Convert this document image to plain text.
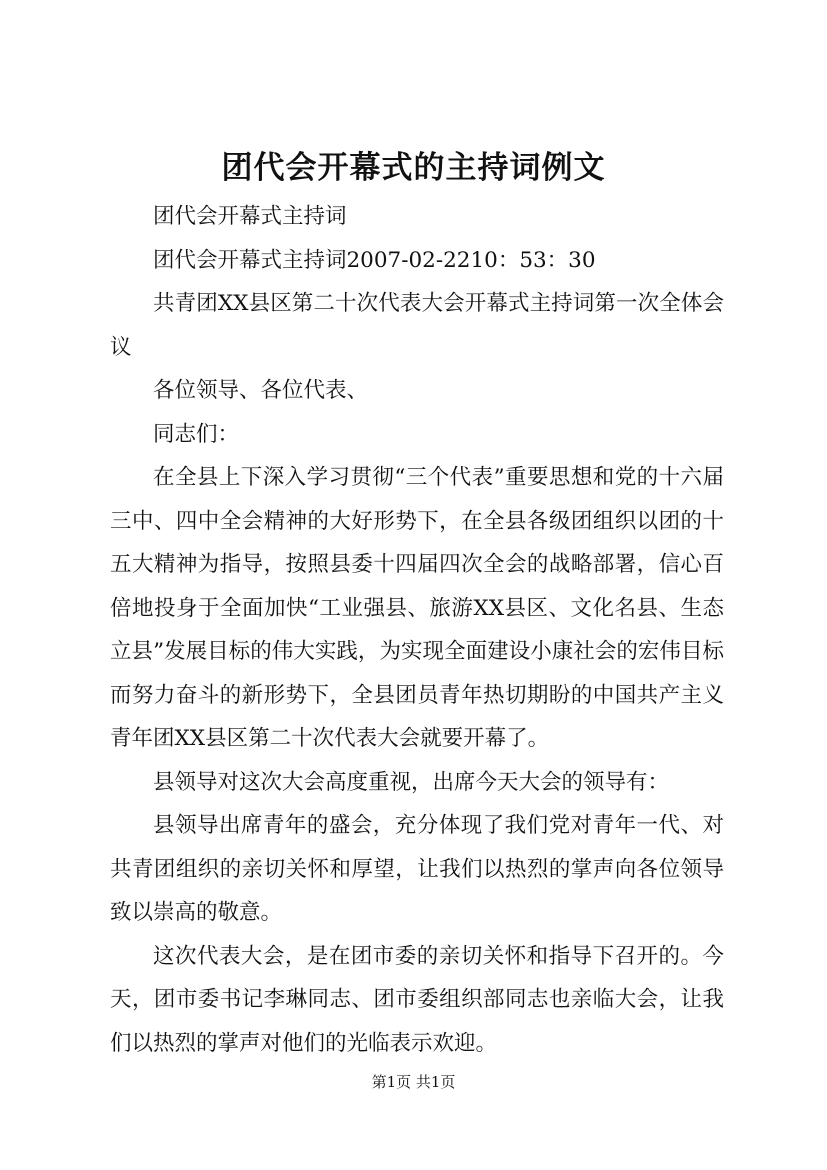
团代会开幕式的主持词例文

团代会开幕式主持词

团代会开幕式主持词2007-02-2210：53：30

共青团XX县区第二十次代表大会开幕式主持词第一次全体会议

各位领导、各位代表、

同志们：

在全县上下深入学习贯彻“三个代表”重要思想和党的十六届三中、四中全会精神的大好形势下，在全县各级团组织以团的十五大精神为指导，按照县委十四届四次全会的战略部署，信心百倍地投身于全面加快“工业强县、旅游XX县区、文化名县、生态立县”发展目标的伟大实践，为实现全面建设小康社会的宏伟目标而努力奋斗的新形势下，全县团员青年热切期盼的中国共产主义青年团XX县区第二十次代表大会就要开幕了。

县领导对这次大会高度重视，出席今天大会的领导有：

县领导出席青年的盛会，充分体现了我们党对青年一代、对共青团组织的亲切关怀和厚望，让我们以热烈的掌声向各位领导致以崇高的敬意。

这次代表大会，是在团市委的亲切关怀和指导下召开的。今天，团市委书记李琳同志、团市委组织部同志也亲临大会，让我们以热烈的掌声对他们的光临表示欢迎。

第1页 共1页
